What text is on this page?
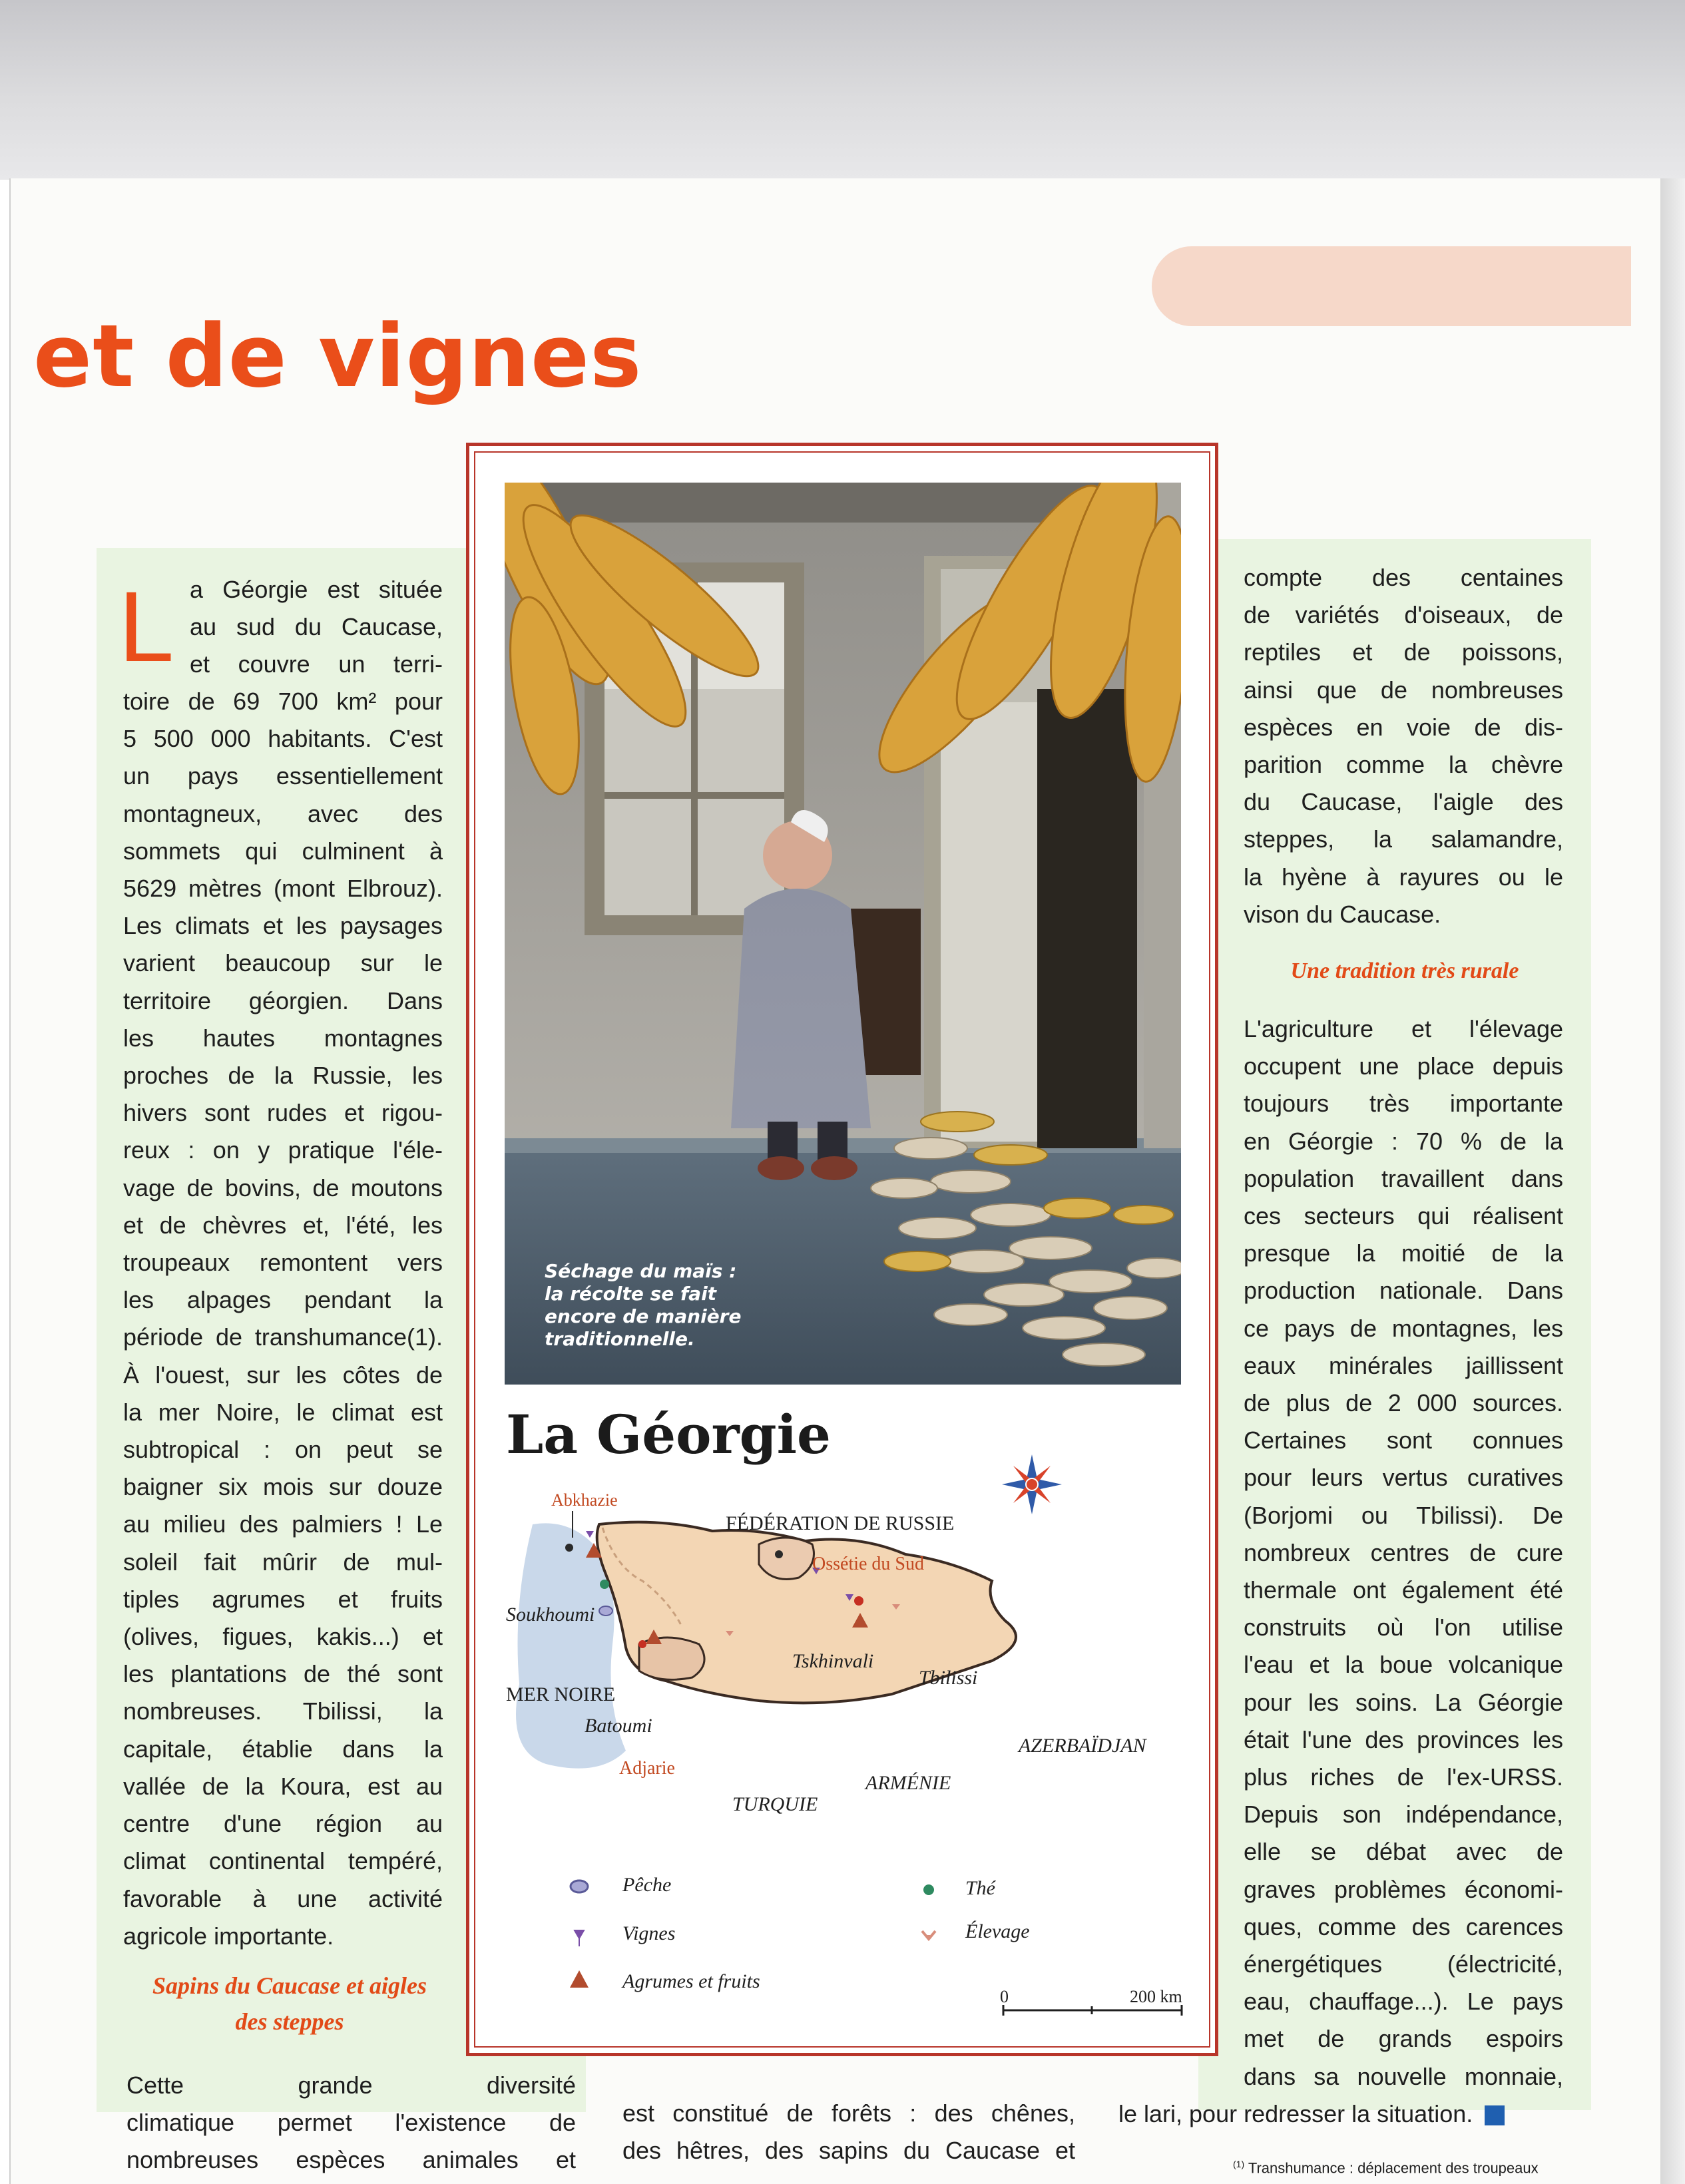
et de vignes
L a Géorgie est située
au sud du Caucase,
et couvre un terri-
toire de 69 700 km² pour
5 500 000 habitants. C'est
un pays essentiellement
montagneux, avec des
sommets qui culminent à
5629 mètres (mont Elbrouz).
Les climats et les paysages
varient beaucoup sur le
territoire géorgien. Dans
les hautes montagnes
proches de la Russie, les
hivers sont rudes et rigou-
reux : on y pratique l'éle-
vage de bovins, de moutons
et de chèvres et, l'été, les
troupeaux remontent vers
les alpages pendant la
période de transhumance(1).
À l'ouest, sur les côtes de
la mer Noire, le climat est
subtropical : on peut se
baigner six mois sur douze
au milieu des palmiers ! Le
soleil fait mûrir de mul-
tiples agrumes et fruits
(olives, figues, kakis...) et
les plantations de thé sont
nombreuses. Tbilissi, la
capitale, établie dans la
vallée de la Koura, est au
centre d'une région au
climat continental tempéré,
favorable à une activité
agricole importante.

Sapins du Caucase et aigles
des steppes

Cette grande diversité
climatique permet l'existence de
nombreuses espèces animales et
est constitué de forêts : des chênes,
des hêtres, des sapins du Caucase et
compte des centaines
de variétés d'oiseaux, de
reptiles et de poissons,
ainsi que de nombreuses
espèces en voie de dis-
parition comme la chèvre
du Caucase, l'aigle des
steppes, la salamandre,
la hyène à rayures ou le
vison du Caucase.

Une tradition très rurale

L'agriculture et l'élevage
occupent une place depuis
toujours très importante
en Géorgie : 70 % de la
population travaillent dans
ces secteurs qui réalisent
presque la moitié de la
production nationale. Dans
ce pays de montagnes, les
eaux minérales jaillissent
de plus de 2 000 sources.
Certaines sont connues
pour leurs vertus curatives
(Borjomi ou Tbilissi). De
nombreux centres de cure
thermale ont également été
construits où l'on utilise
l'eau et la boue volcanique
pour les soins. La Géorgie
était l'une des provinces les
plus riches de l'ex-URSS.
Depuis son indépendance,
elle se débat avec de
graves problèmes économi-
ques, comme des carences
énergétiques (électricité,
eau, chauffage...). Le pays
met de grands espoirs
dans sa nouvelle monnaie,
le lari, pour redresser la situation.

Séchage du maïs :
la récolte se fait
encore de manière
traditionnelle.

La Géorgie
Abkhazie
FÉDÉRATION DE RUSSIE
Ossétie du Sud
Soukhoumi
Tskhinvali
Tbilissi
MER NOIRE
Batoumi
AZERBAÏDJAN
Adjarie
ARMÉNIE
TURQUIE
Pêche
Vignes
Agrumes et fruits
Thé
Élevage
0	200 km
$^{(1)}$ Transhumance : déplacement des troupeaux
